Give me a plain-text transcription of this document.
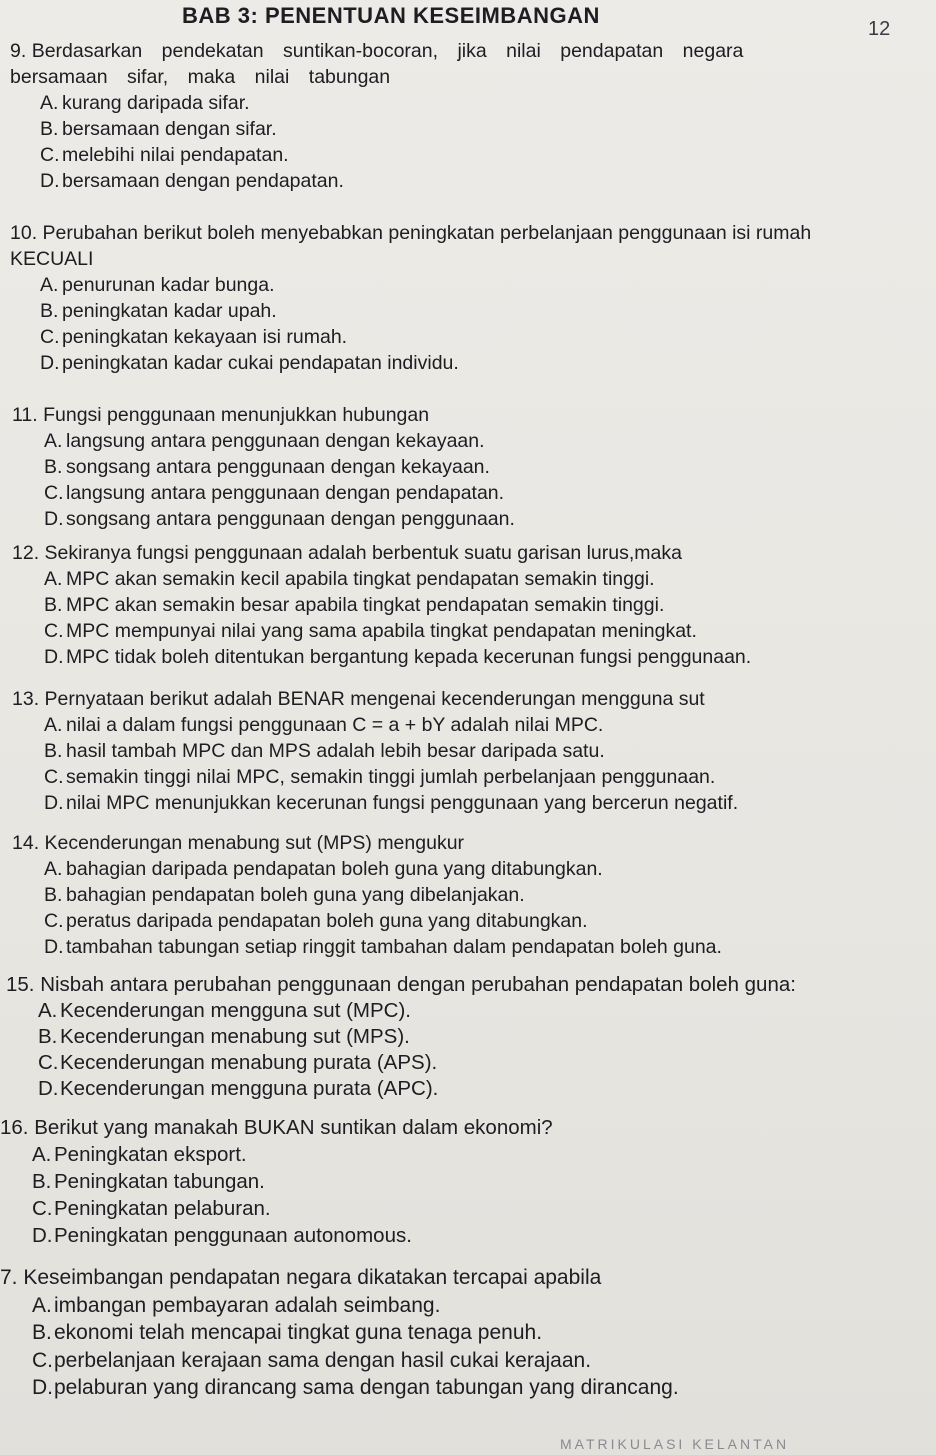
BAB 3: PENENTUAN KESEIMBANGAN
12
9. Berdasarkan pendekatan suntikan-bocoran, jika nilai pendapatan negara bersamaan sifar, maka nilai tabungan
A. kurang daripada sifar.
B. bersamaan dengan sifar.
C. melebihi nilai pendapatan.
D. bersamaan dengan pendapatan.
10. Perubahan berikut boleh menyebabkan peningkatan perbelanjaan penggunaan isi rumah KECUALI
A. penurunan kadar bunga.
B. peningkatan kadar upah.
C. peningkatan kekayaan isi rumah.
D. peningkatan kadar cukai pendapatan individu.
11. Fungsi penggunaan menunjukkan hubungan
A. langsung antara penggunaan dengan kekayaan.
B. songsang antara penggunaan dengan kekayaan.
C. langsung antara penggunaan dengan pendapatan.
D. songsang antara penggunaan dengan penggunaan.
12. Sekiranya fungsi penggunaan adalah berbentuk suatu garisan lurus,maka
A. MPC akan semakin kecil apabila tingkat pendapatan semakin tinggi.
B. MPC akan semakin besar apabila tingkat pendapatan semakin tinggi.
C. MPC mempunyai nilai yang sama apabila tingkat pendapatan meningkat.
D. MPC tidak boleh ditentukan bergantung kepada kecerunan fungsi penggunaan.
13. Pernyataan berikut adalah BENAR mengenai kecenderungan mengguna sut
A. nilai a dalam fungsi penggunaan C = a + bY adalah nilai MPC.
B. hasil tambah MPC dan MPS adalah lebih besar daripada satu.
C. semakin tinggi nilai MPC, semakin tinggi jumlah perbelanjaan penggunaan.
D. nilai MPC menunjukkan kecerunan fungsi penggunaan yang bercerun negatif.
14. Kecenderungan menabung sut (MPS) mengukur
A. bahagian daripada pendapatan boleh guna yang ditabungkan.
B. bahagian pendapatan boleh guna yang dibelanjakan.
C. peratus daripada pendapatan boleh guna yang ditabungkan.
D. tambahan tabungan setiap ringgit tambahan dalam pendapatan boleh guna.
15. Nisbah antara perubahan penggunaan dengan perubahan pendapatan boleh guna:
A. Kecenderungan mengguna sut (MPC).
B. Kecenderungan menabung sut (MPS).
C.Kecenderungan menabung purata (APS).
D.Kecenderungan mengguna purata (APC).
16. Berikut yang manakah BUKAN suntikan dalam ekonomi?
A. Peningkatan eksport.
B. Peningkatan tabungan.
C.Peningkatan pelaburan.
D.Peningkatan penggunaan autonomous.
7. Keseimbangan pendapatan negara dikatakan tercapai apabila
A. imbangan pembayaran adalah seimbang.
B. ekonomi telah mencapai tingkat guna tenaga penuh.
C.perbelanjaan kerajaan sama dengan hasil cukai kerajaan.
D.pelaburan yang dirancang sama dengan tabungan yang dirancang.
MATRIKULASI KELANTAN
